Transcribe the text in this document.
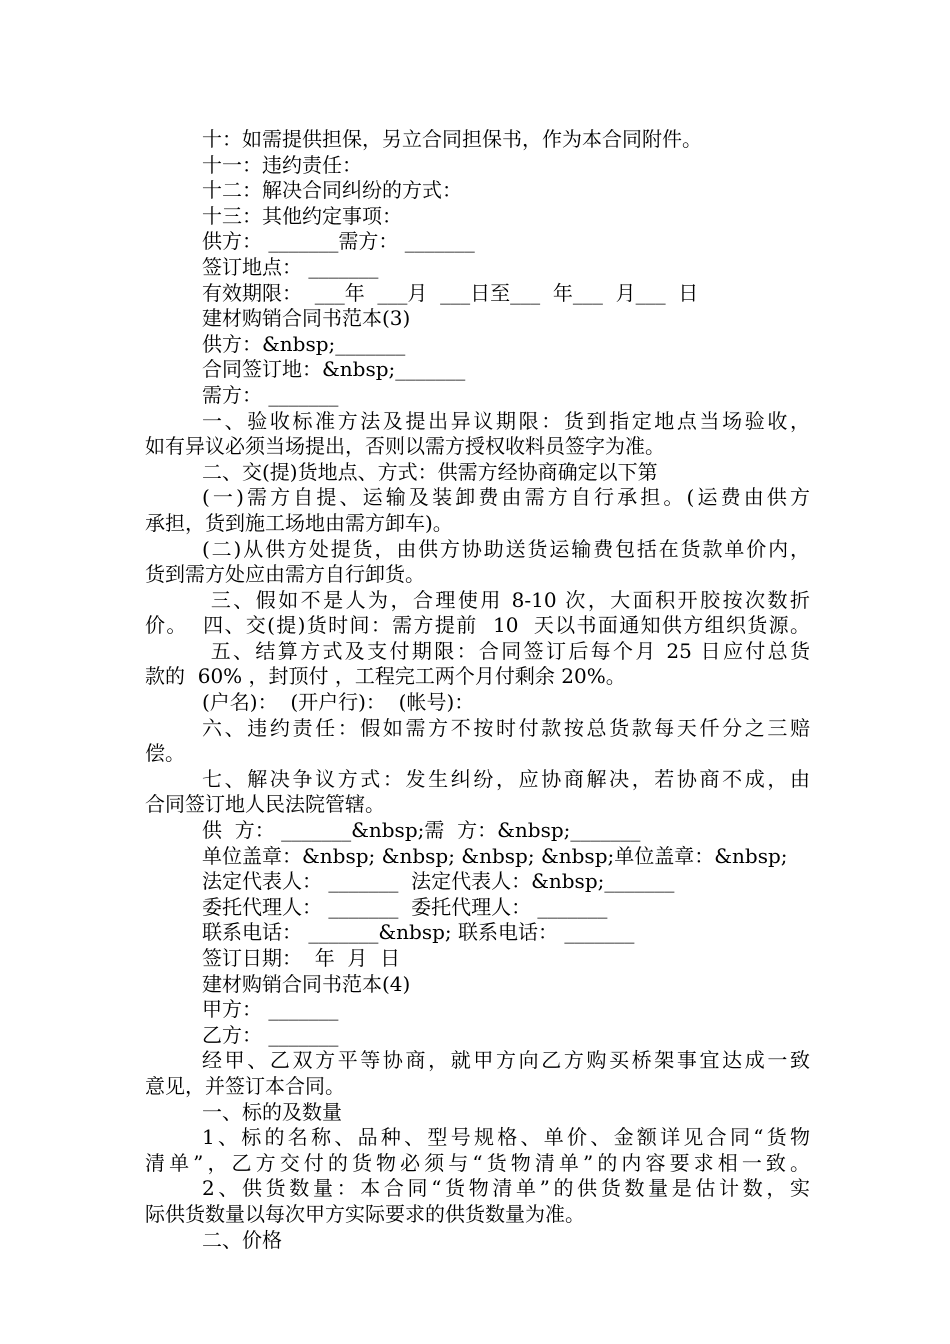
十：如需提供担保，另立合同担保书，作为本合同附件。
十一：违约责任：
十二：解决合同纠纷的方式：
十三：其他约定事项：
供方： _______需方： _______
签订地点： _______
有效期限：  ___年  ___月  ___日至___  年___  月___  日
建材购销合同书范本(3)
供方：&nbsp;_______
合同签订地：&nbsp;_______
需方： _______
一、验收标准方法及提出异议期限：货到指定地点当场验收，
如有异议必须当场提出，否则以需方授权收料员签字为准。
二、交(提)货地点、方式：供需方经协商确定以下第
(一)需方自提、运输及装卸费由需方自行承担。(运费由供方
承担，货到施工场地由需方卸车)。
(二)从供方处提货，由供方协助送货运输费包括在货款单价内，
货到需方处应由需方自行卸货。
三、假如不是人为，合理使用 8-10 次，大面积开胶按次数折
价。  四、交(提)货时间：需方提前  10  天以书面通知供方组织货源。
五、结算方式及支付期限：合同签订后每个月 25 日应付总货
款的  60% ，封顶付 ，工程完工两个月付剩余 20%。
(户名)：  (开户行)：  (帐号)：
六、违约责任：假如需方不按时付款按总货款每天仟分之三赔
偿。
七、解决争议方式：发生纠纷，应协商解决，若协商不成，由
合同签订地人民法院管辖。
供  方： _______&nbsp;需  方：&nbsp;_______
单位盖章：&nbsp; &nbsp; &nbsp; &nbsp;单位盖章：&nbsp;
法定代表人： _______  法定代表人：&nbsp;_______
委托代理人： _______  委托代理人： _______
联系电话： _______&nbsp; 联系电话： _______
签订日期：  年  月  日
建材购销合同书范本(4)
甲方： _______
乙方： _______
经甲、乙双方平等协商，就甲方向乙方购买桥架事宜达成一致
意见，并签订本合同。
一、标的及数量
1、标的名称、品种、型号规格、单价、金额详见合同“货物
清单”，乙方交付的货物必须与“货物清单”的内容要求相一致。
2、供货数量：本合同“货物清单”的供货数量是估计数，实
际供货数量以每次甲方实际要求的供货数量为准。
二、价格
